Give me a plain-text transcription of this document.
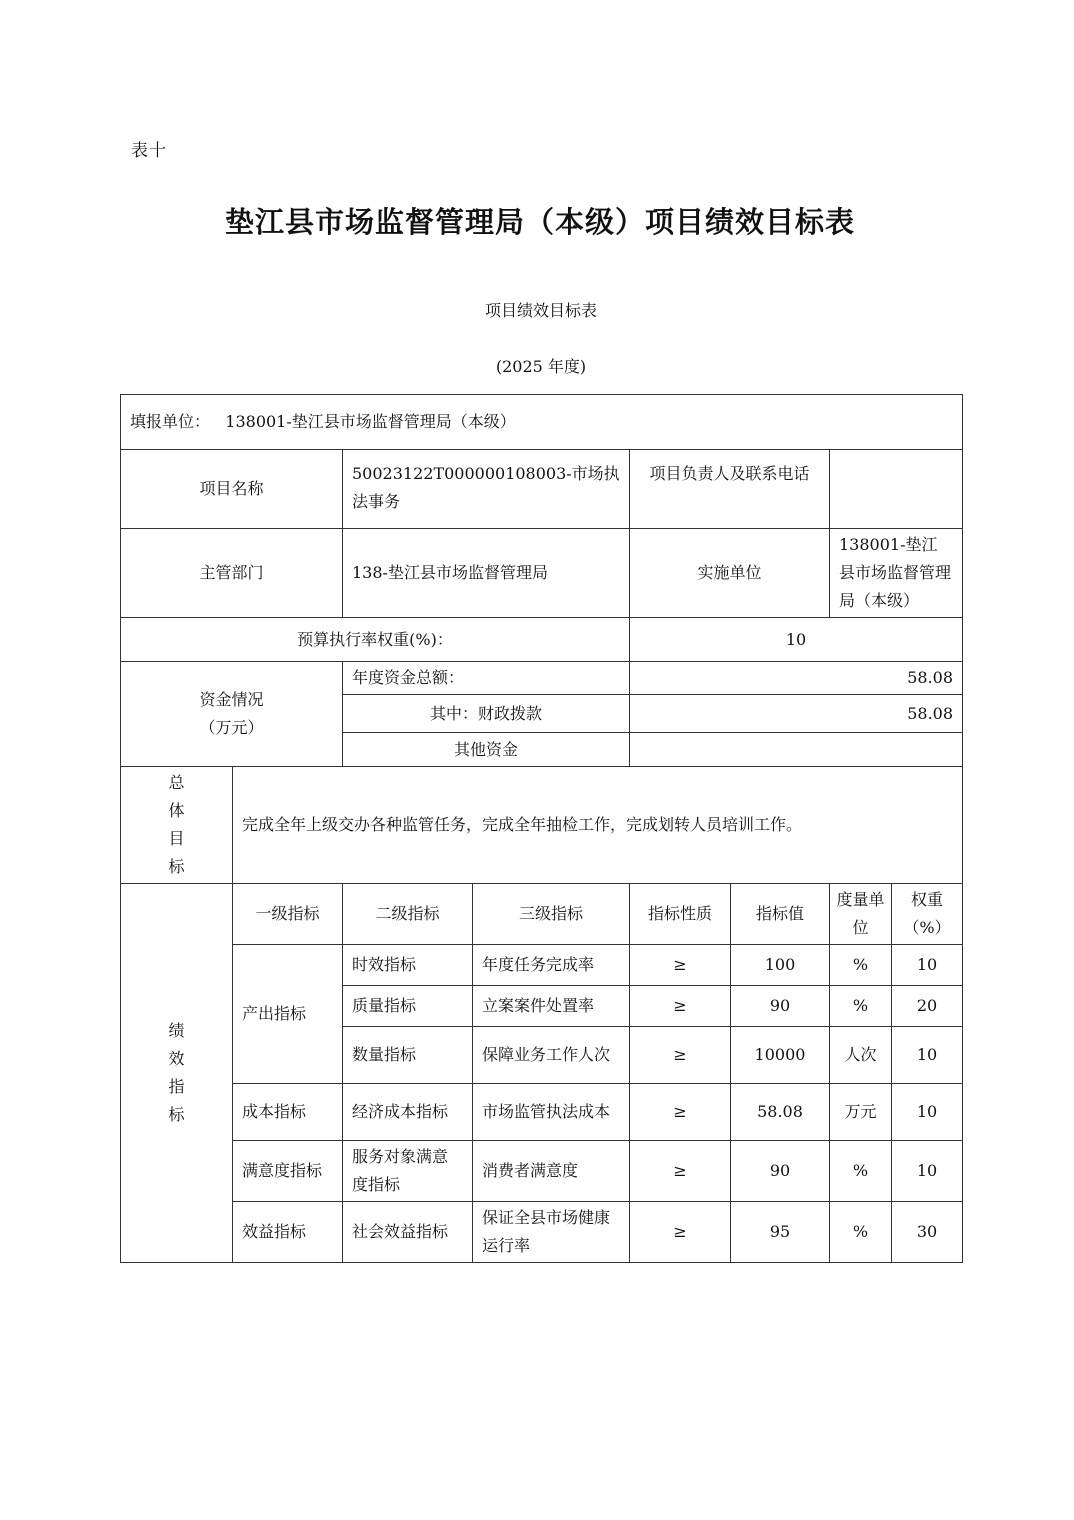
表十
垫江县市场监督管理局（本级）项目绩效目标表
项目绩效目标表
(2025 年度)
填报单位： 138001-垫江县市场监督管理局（本级）							
项目名称		50023122T000000108003-市场执法事务		项目负责人及联系电话			
主管部门		138-垫江县市场监督管理局		实施单位		138001-垫江县市场监督管理局（本级）	
预算执行率权重(%)：				10			

资金情况
（万元）		年度资金总额：		58.08			
		其中：财政拨款		58.08			
		其他资金					

总
体
目
标	完成全年上级交办各种监管任务，完成全年抽检工作，完成划转人员培训工作。						

绩
效
指
标	一级指标	二级指标	三级指标	指标性质	指标值	度量单位	权重（%）
	产出指标	时效指标	年度任务完成率	≥	100	%	10
		质量指标	立案案件处置率	≥	90	%	20
		数量指标	保障业务工作人次	≥	10000	人次	10
	成本指标	经济成本指标	市场监管执法成本	≥	58.08	万元	10
	满意度指标	服务对象满意度指标	消费者满意度	≥	90	%	10
	效益指标	社会效益指标	保证全县市场健康运行率	≥	95	%	30
